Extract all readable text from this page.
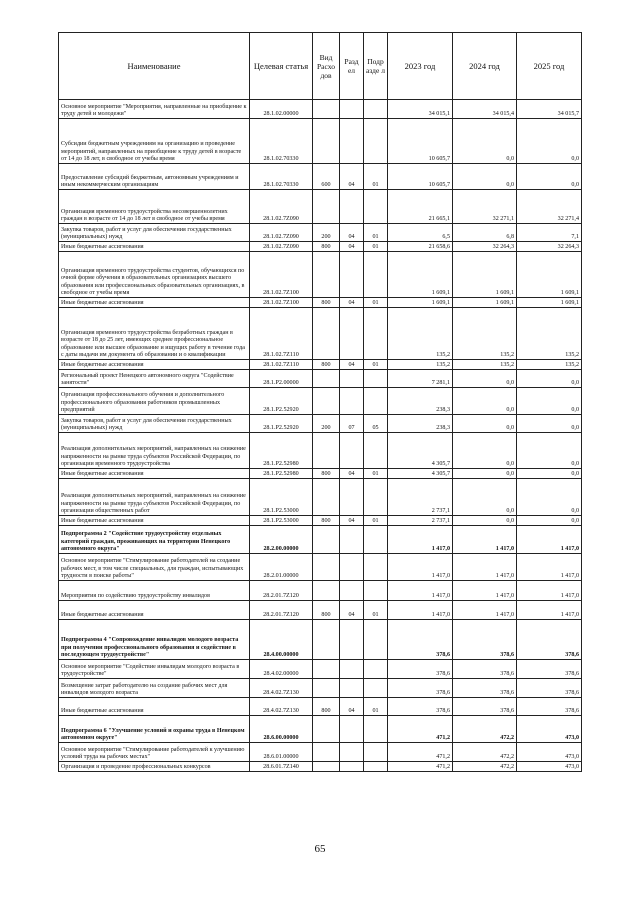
Наименование	Целевая статья	Вид Расхо дов	Разд ел	Подр азде л	2023 год	2024 год	2025 год
Основное мероприятие "Мероприятия, направленные на приобщение к труду детей и молодежи"	28.1.02.00000				34 015,1	34 015,4	34 015,7
Субсидии бюджетным учреждениям на организацию и проведение мероприятий, направленных на приобщение к труду детей в возрасте от 14 до 18 лет, в свободное от учебы время	28.1.02.70330				10 605,7	0,0	0,0
Предоставление субсидий бюджетным, автономным учреждениям и иным некоммерческим организациям	28.1.02.70330	600	04	01	10 605,7	0,0	0,0
Организация временного трудоустройства несовершеннолетних граждан в возрасте от 14 до 18 лет в свободное от учебы время	28.1.02.7Z090				21 665,1	32 271,1	32 271,4
Закупка товаров, работ и услуг для обеспечения государственных (муниципальных) нужд	28.1.02.7Z090	200	04	01	6,5	6,8	7,1
Иные бюджетные ассигнования	28.1.02.7Z090	800	04	01	21 658,6	32 264,3	32 264,3
Организация временного трудоустройства студентов, обучающихся по очной форме обучения в образовательных организациях высшего образования или профессиональных образовательных организациях, в свободное от учебы время	28.1.02.7Z100				1 609,1	1 609,1	1 609,1
Иные бюджетные ассигнования	28.1.02.7Z100	800	04	01	1 609,1	1 609,1	1 609,1
Организация временного трудоустройства безработных граждан в возрасте от 18 до 25 лет, имеющих среднее профессиональное образование или высшее образование и ищущих работу в течение года с даты выдачи им документа об образовании и о квалификации	28.1.02.7Z110				135,2	135,2	135,2
Иные бюджетные ассигнования	28.1.02.7Z110	800	04	01	135,2	135,2	135,2
Региональный проект Ненецкого автономного округа "Содействие занятости"	28.1.P2.00000				7 281,1	0,0	0,0
Организация профессионального обучения и дополнительного профессионального образования работников промышленных предприятий	28.1.P2.52920				238,3	0,0	0,0
Закупка товаров, работ и услуг для обеспечения государственных (муниципальных) нужд	28.1.P2.52920	200	07	05	238,3	0,0	0,0
Реализация дополнительных мероприятий, направленных на снижение напряженности на рынке труда субъектов Российской Федерации, по организации временного трудоустройства	28.1.P2.52980				4 305,7	0,0	0,0
Иные бюджетные ассигнования	28.1.P2.52980	800	04	01	4 305,7	0,0	0,0
Реализация дополнительных мероприятий, направленных на снижение напряженности на рынке труда субъектов Российской Федерации, по организации общественных работ	28.1.P2.53000				2 737,1	0,0	0,0
Иные бюджетные ассигнования	28.1.P2.53000	800	04	01	2 737,1	0,0	0,0
Подпрограмма 2 "Содействие трудоустройству отдельных категорий граждан, проживающих на территории Ненецкого автономного округа"	28.2.00.00000				1 417,0	1 417,0	1 417,0
Основное мероприятие "Стимулирование работодателей на создание рабочих мест, в том числе специальных, для граждан, испытывающих трудности в поиске работы"	28.2.01.00000				1 417,0	1 417,0	1 417,0
Мероприятия по содействию трудоустройству инвалидов	28.2.01.7Z120				1 417,0	1 417,0	1 417,0
Иные бюджетные ассигнования	28.2.01.7Z120	800	04	01	1 417,0	1 417,0	1 417,0
Подпрограмма 4 "Сопровождение инвалидов молодого возраста при получении профессионального образования и содействие в последующем трудоустройстве"	28.4.00.00000				378,6	378,6	378,6
Основное мероприятие "Содействие инвалидам молодого возраста в трудоустройстве"	28.4.02.00000				378,6	378,6	378,6
Возмещение затрат работодателю на создание рабочих мест для инвалидов молодого возраста	28.4.02.7Z130				378,6	378,6	378,6
Иные бюджетные ассигнования	28.4.02.7Z130	800	04	01	378,6	378,6	378,6
Подпрограмма 6 "Улучшение условий и охраны труда в Ненецком автономном округе"	28.6.00.00000				471,2	472,2	473,0
Основное мероприятие "Стимулирование работодателей к улучшению условий труда на рабочих местах"	28.6.01.00000				471,2	472,2	473,0
Организация и проведение профессиональных конкурсов	28.6.01.7Z140				471,2	472,2	473,0
65
